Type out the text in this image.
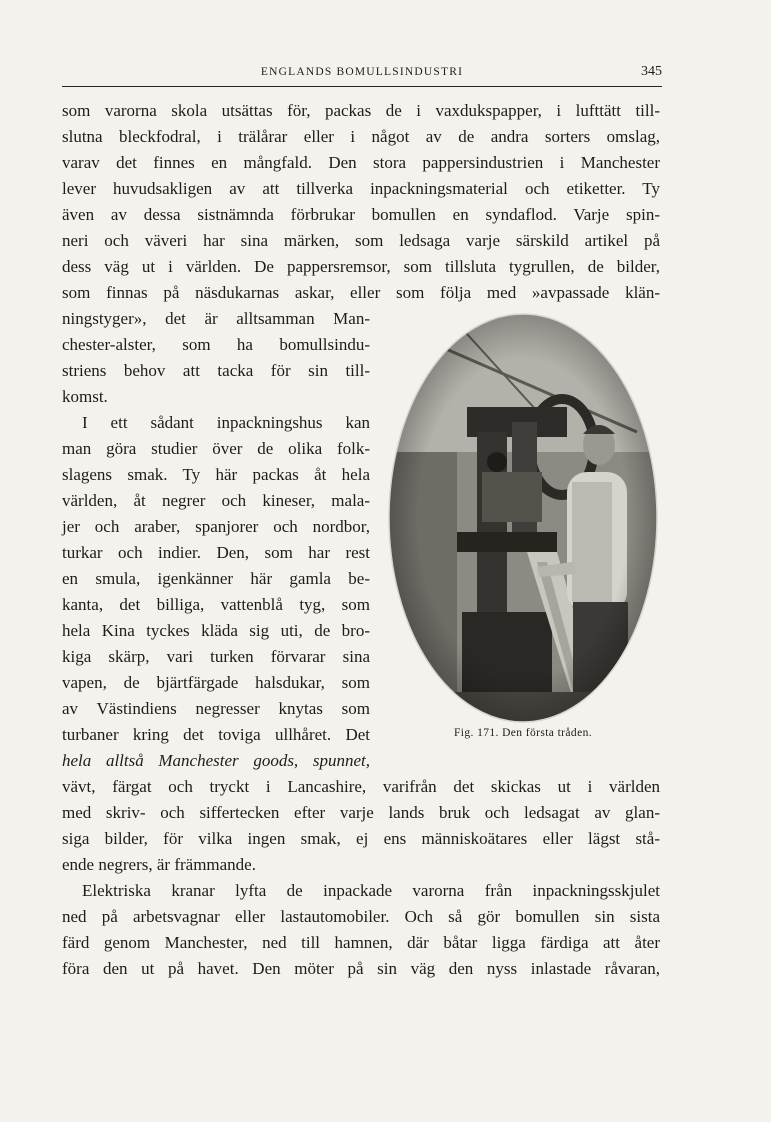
ENGLANDS BOMULLSINDUSTRI	345
som varorna skola utsättas för, packas de i vaxdukspapper, i lufttätt till-
slutna bleckfodral, i trälårar eller i något av de andra sorters omslag,
varav det finnes en mångfald. Den stora pappersindustrien i Manchester
lever huvudsakligen av att tillverka inpackningsmaterial och etiketter. Ty
även av dessa sistnämnda förbrukar bomullen en syndaflod. Varje spin-
neri och väveri har sina märken, som ledsaga varje särskild artikel på
dess väg ut i världen. De pappersremsor, som tillsluta tygrullen, de bilder,
som finnas på näsdukarnas askar, eller som följa med »avpassade klän-
ningstyger», det är alltsamman Man-
chester-alster, som ha bomullsindu-
striens behov att tacka för sin till-
komst.
I ett sådant inpackningshus kan
man göra studier över de olika folk-
slagens smak. Ty här packas åt hela
världen, åt negrer och kineser, mala-
jer och araber, spanjorer och nordbor,
turkar och indier. Den, som har rest
en smula, igenkänner här gamla be-
kanta, det billiga, vattenblå tyg, som
hela Kina tyckes kläda sig uti, de bro-
kiga skärp, vari turken förvarar sina
vapen, de bjärtfärgade halsdukar, som
av Västindiens negresser knytas som
turbaner kring det toviga ullhåret. Det
hela alltså Manchester goods, spunnet,
vävt, färgat och tryckt i Lancashire, varifrån det skickas ut i världen
med skriv- och siffertecken efter varje lands bruk och ledsagat av glan-
siga bilder, för vilka ingen smak, ej ens människoätares eller lägst stå-
ende negrers, är främmande.
Elektriska kranar lyfta de inpackade varorna från inpackningsskjulet
ned på arbetsvagnar eller lastautomobiler. Och så gör bomullen sin sista
färd genom Manchester, ned till hamnen, där båtar ligga färdiga att åter
föra den ut på havet. Den möter på sin väg den nyss inlastade råvaran,
Fig. 171. Den första tråden.
